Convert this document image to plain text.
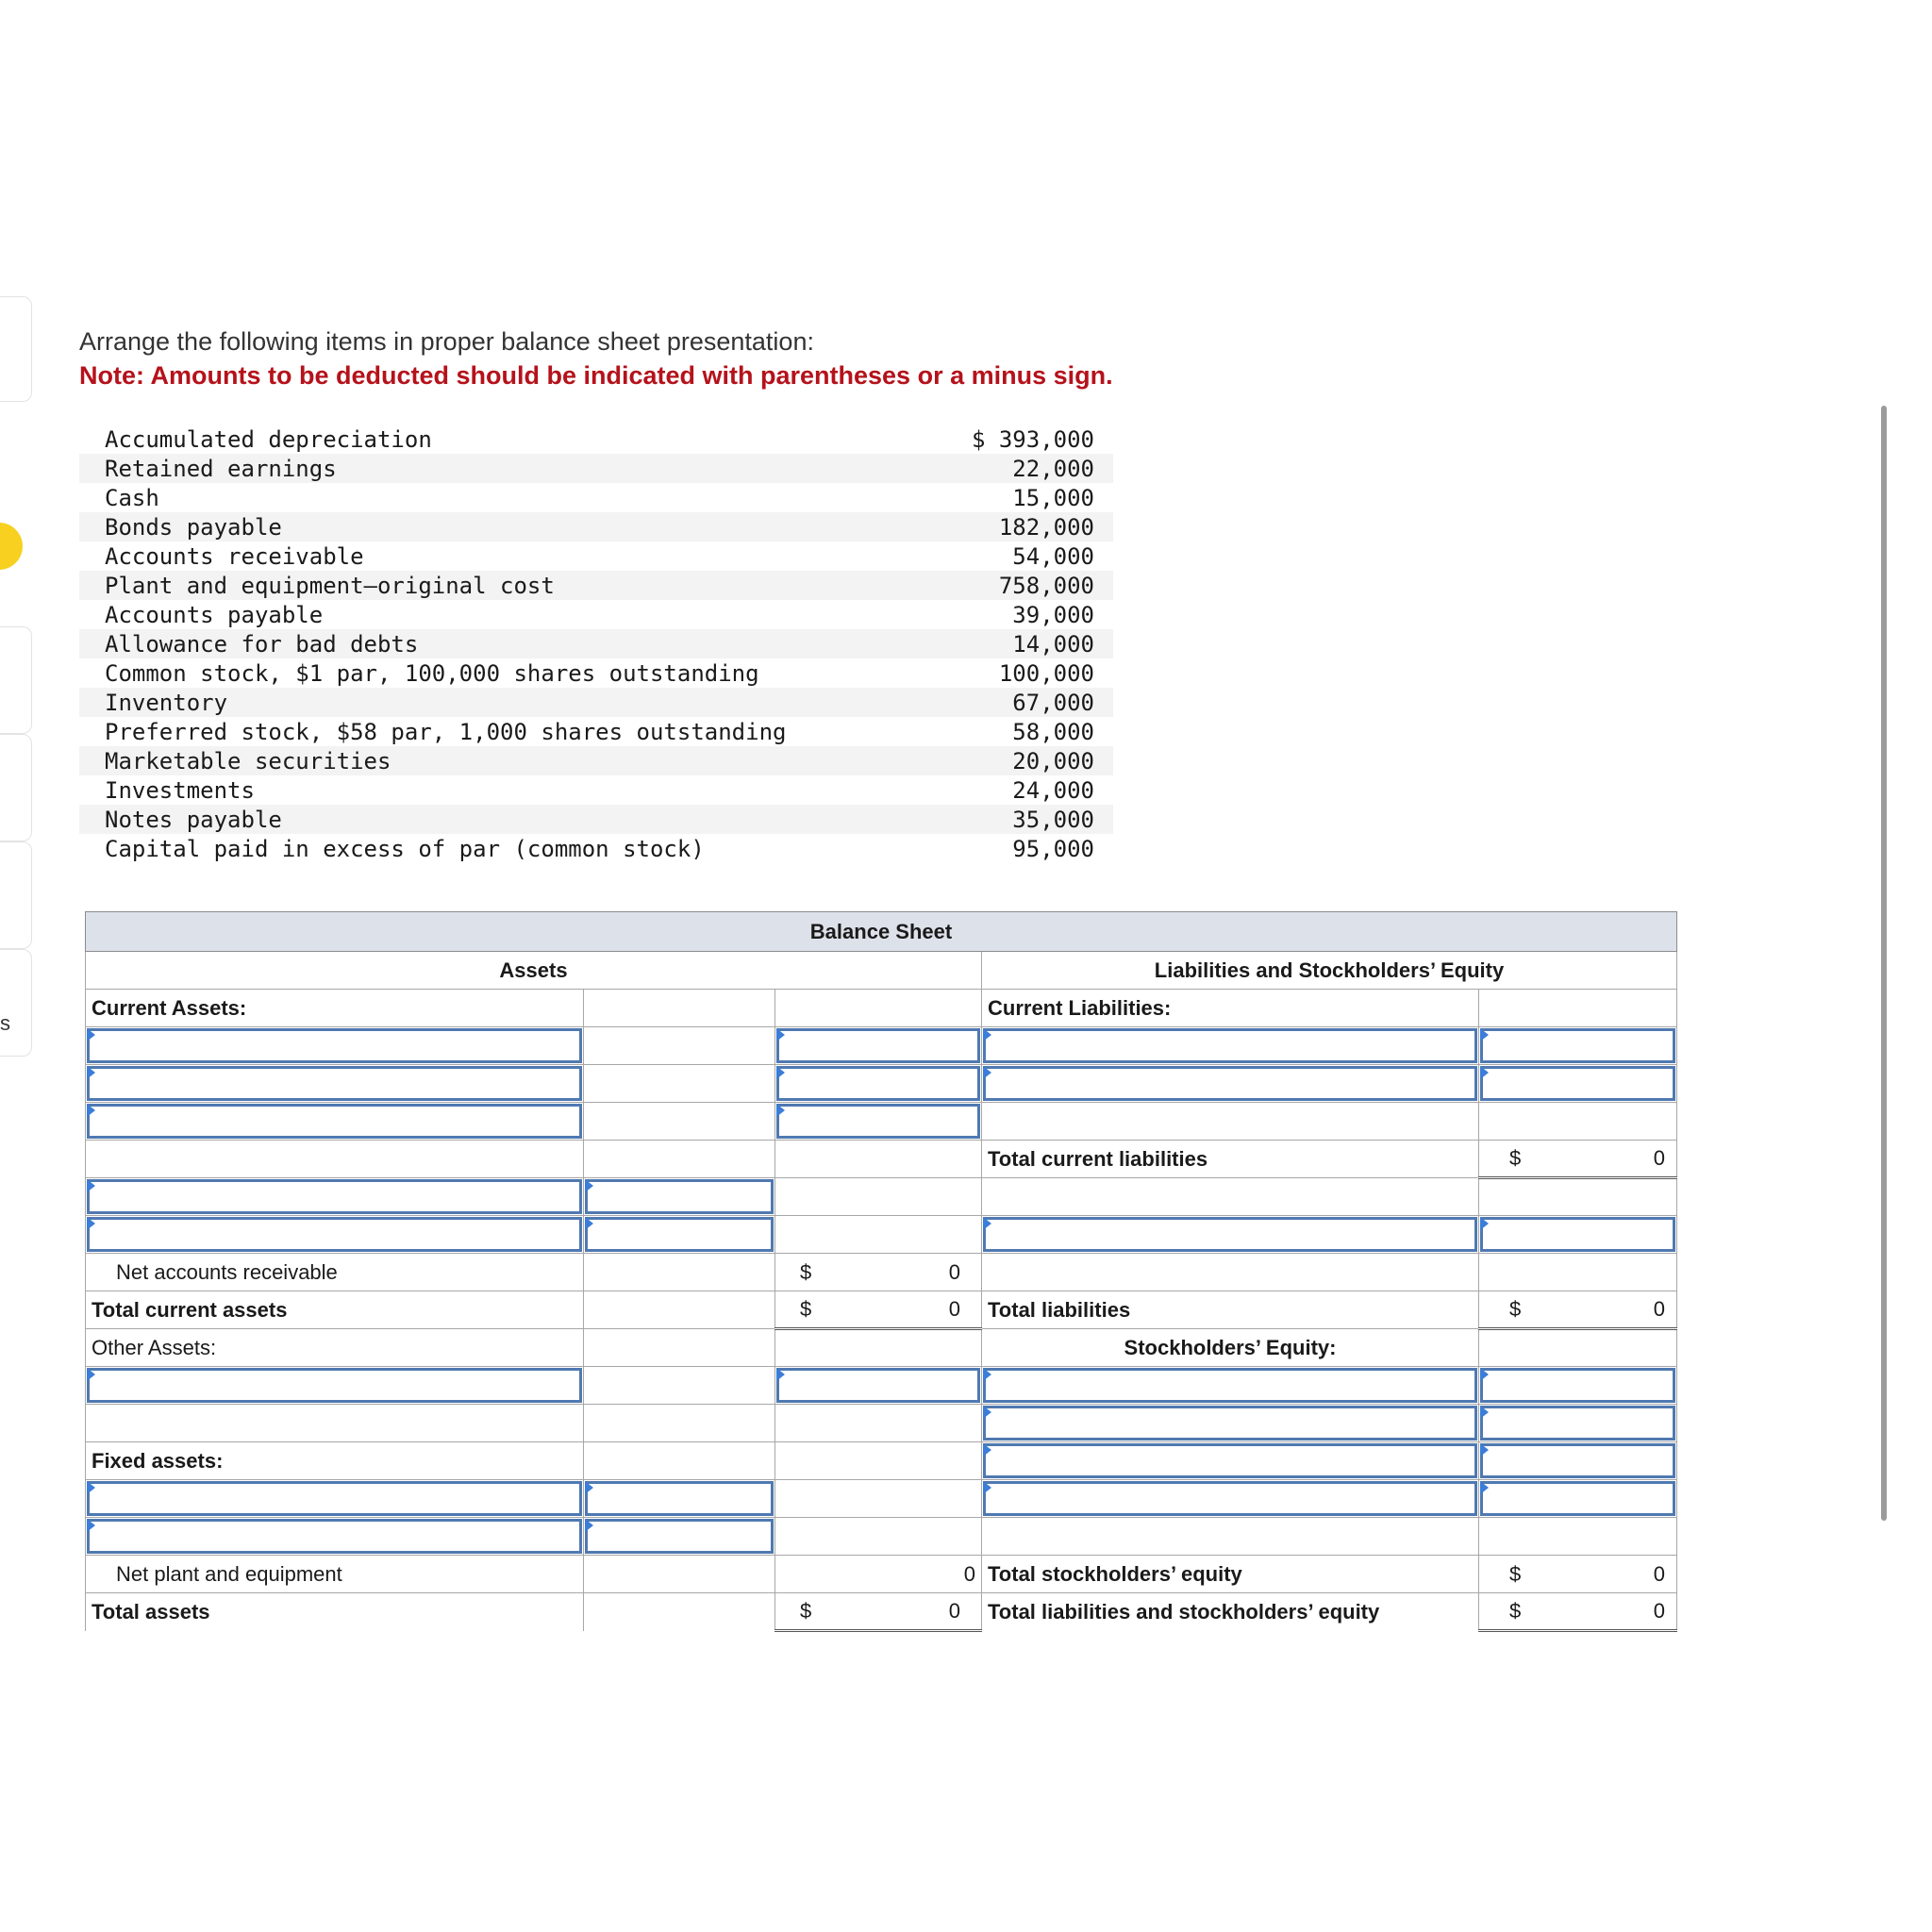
s
Arrange the following items in proper balance sheet presentation:
Note: Amounts to be deducted should be indicated with parentheses or a minus sign.
Accumulated depreciation	$ 393,000
Retained earnings	22,000
Cash	15,000
Bonds payable	182,000
Accounts receivable	54,000
Plant and equipment—original cost	758,000
Accounts payable	39,000
Allowance for bad debts	14,000
Common stock, $1 par, 100,000 shares outstanding	100,000
Inventory	67,000
Preferred stock, $58 par, 1,000 shares outstanding	58,000
Marketable securities	20,000
Investments	24,000
Notes payable	35,000
Capital paid in excess of par (common stock)	95,000
Balance Sheet				
Assets			Liabilities and Stockholders’ Equity	
Current Assets:			Current Liabilities:	

			Total current liabilities	$ 0

Net accounts receivable		$ 0		

Total current assets		$ 0	Total liabilities	$ 0

Other Assets:			Stockholders’ Equity:	

Fixed assets:			

Net plant and equipment		0	Total stockholders’ equity	$ 0

Total assets		$ 0	Total liabilities and stockholders’ equity	$ 0
